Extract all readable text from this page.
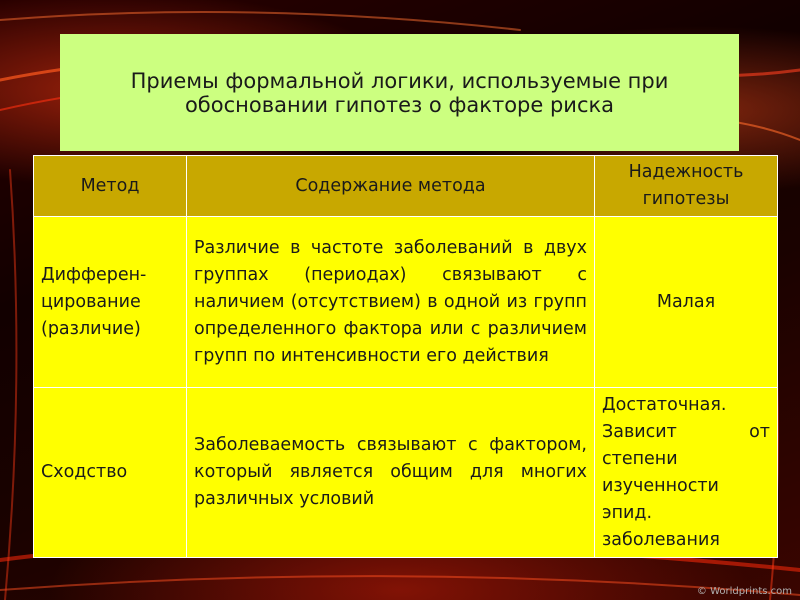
Приемы формальной логики, используемые при
обосновании гипотез о факторе риска
Метод	Содержание метода	Надежность гипотезы
Дифферен-цирование (различие)	Различие в частоте заболеваний в двух группах (периодах) связывают с наличием (отсутствием) в одной из групп определенного фактора или с различием групп по интенсивности его действия	Малая
Сходство	Заболеваемость связывают с фактором, который является общим для многих различных условий	Достаточная. Зависит от степени изученности эпид. заболевания
© Worldprints.com
